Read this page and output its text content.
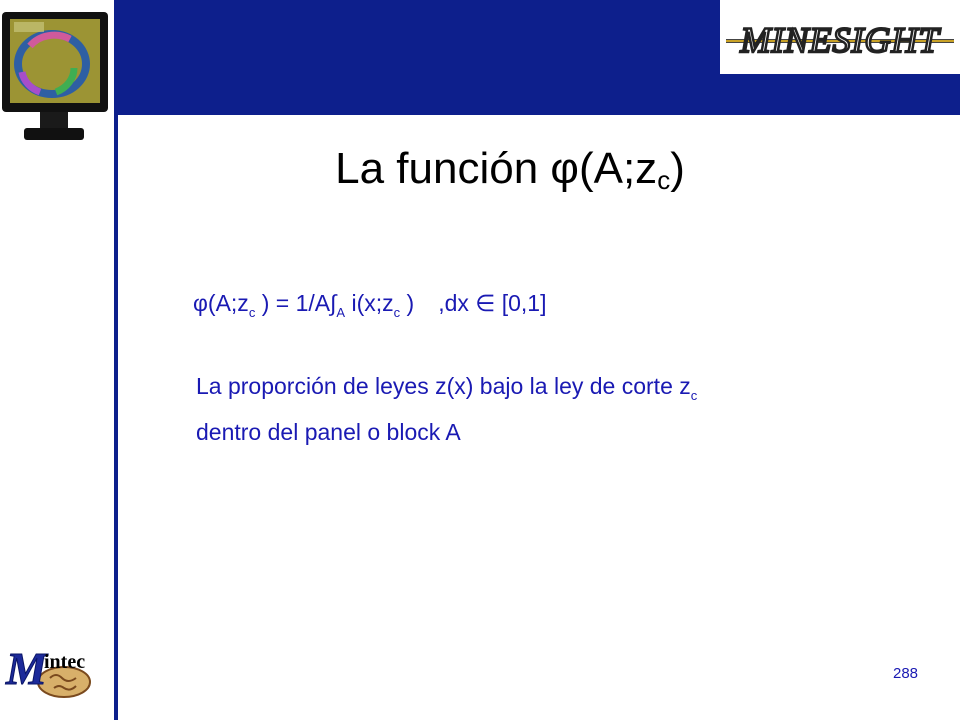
MINESIGHT
M
intec
La función $\varphi(A;z_c)$
$\varphi(A;z_c$ ) = $1/A\int_A$ $i(x;z_c$ ) ,dx ∈ [0,1]
La proporción de leyes z(x) bajo la ley de corte $z_c$
dentro del panel o block A
288
